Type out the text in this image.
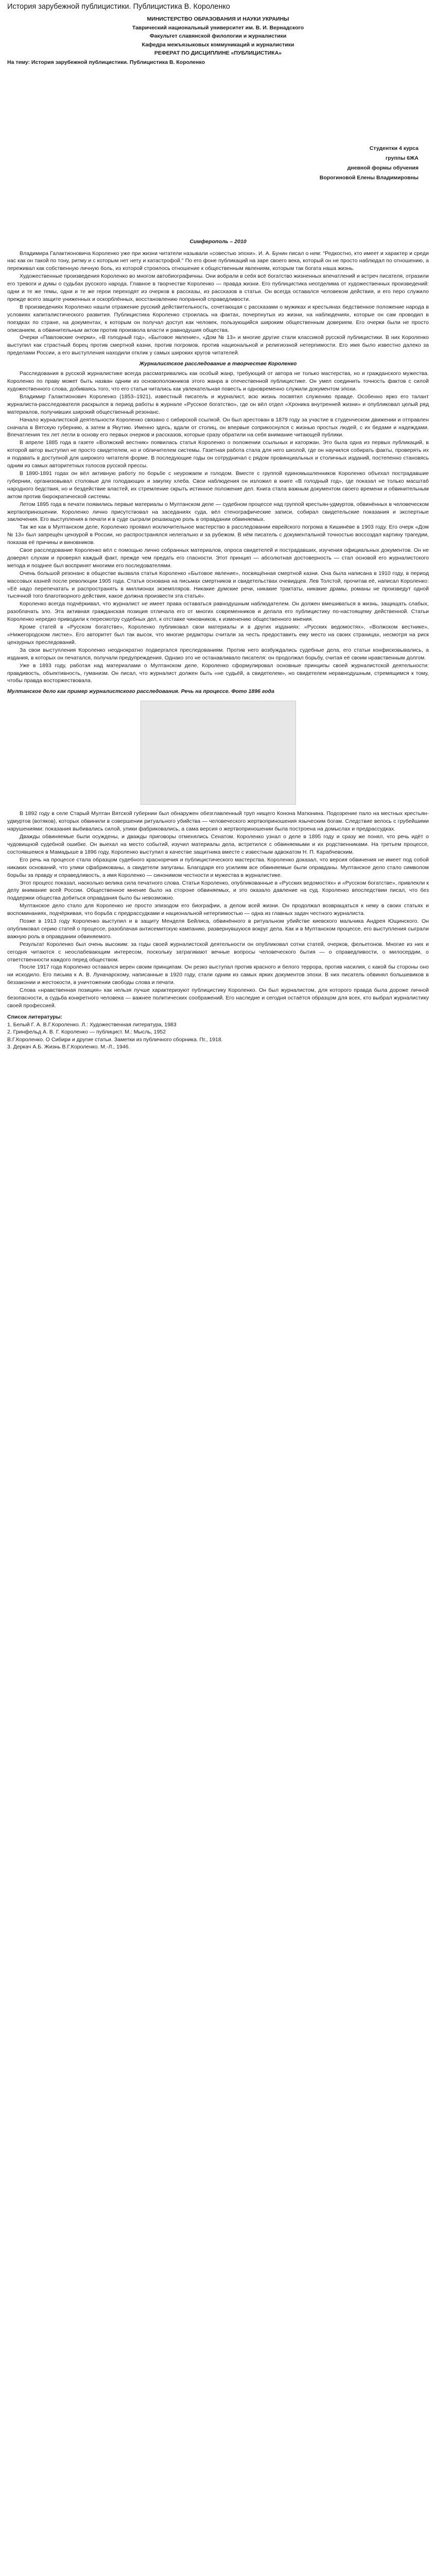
История зарубежной публицистики. Публицистика В. Короленко
МИНИСТЕРСТВО ОБРАЗОВАНИЯ И НАУКИ УКРАИНЫ
Таврический национальный университет им. В. И. Вернадского
Факультет славянской филологии и журналистики
Кафедра межъязыковых коммуникаций и журналистики
РЕФЕРАТ ПО ДИСЦИПЛИНЕ «ПУБЛИЦИСТИКА»
На тему: История зарубежной публицистики. Публицистика В. Короленко
Студентки 4 курса
группы 6ЖА
дневной формы обучения
Ворогиновой Елены Владимировны
Симферополь – 2010

Владимира Галактионовича Короленко уже при жизни читатели называли «совестью эпохи». И. А. Бунин писал о нем: "Редкостно, кто имеет и характер и среди нас как он такой по тону, ритму и с которым нет нету и катастрофой." По его фоне публикаций на заре своего века, который он не просто наблюдал по отношению, а переживал как собственную личную боль, из которой строилось отношение к общественным явлениям, которым так богата наша жизнь.

Художественные произведения Короленко во многом автобиографичны. Они вобрали в себя всё богатство жизненных впечатлений и встреч писателя, отразили его тревоги и думы о судьбах русского народа. Главное в творчестве Короленко — правда жизни. Его публицистика неотделима от художественных произведений: одни и те же темы, одни и те же герои переходят из очерков в рассказы, из рассказов в статьи. Он всегда оставался человеком действия, и его перо служило прежде всего защите униженных и оскорблённых, восстановлению попранной справедливости.

В произведениях Короленко нашли отражение русский действительность, сочетающая с рассказами о мужиках и крестьянах бедственное положение народа в условиях капиталистического развития. Публицистика Короленко строилась на фактах, почерпнутых из жизни, на наблюдениях, которые он сам проводил в поездках по стране, на документах, к которым он получал доступ как человек, пользующийся широким общественным доверием. Его очерки были не просто описанием, а обвинительным актом против произвола власти и равнодушия общества.

Очерки «Павловские очерки», «В голодный год», «Бытовое явление», «Дом № 13» и многие другие стали классикой русской публицистики. В них Короленко выступил как страстный борец против смертной казни, против погромов, против национальной и религиозной нетерпимости. Его имя было известно далеко за пределами России, а его выступления находили отклик у самых широких кругов читателей.

Журналистское расследование в творчестве Короленко

Расследования в русской журналистике всегда рассматривались как особый жанр, требующий от автора не только мастерства, но и гражданского мужества. Короленко по праву может быть назван одним из основоположников этого жанра в отечественной публицистике. Он умел соединить точность фактов с силой художественного слова, добиваясь того, что его статьи читались как увлекательная повесть и одновременно служили документом эпохи.

Владимир Галактионович Короленко (1853–1921), известный писатель и журналист, всю жизнь посвятил служению правде. Особенно ярко его талант журналиста-расследователя раскрылся в период работы в журнале «Русское богатство», где он вёл отдел «Хроника внутренней жизни» и опубликовал целый ряд материалов, получивших широкий общественный резонанс.

Начало журналистской деятельности Короленко связано с сибирской ссылкой. Он был арестован в 1879 году за участие в студенческом движении и отправлен сначала в Вятскую губернию, а затем в Якутию. Именно здесь, вдали от столиц, он впервые соприкоснулся с жизнью простых людей, с их бедами и надеждами. Впечатления тех лет легли в основу его первых очерков и рассказов, которые сразу обратили на себя внимание читающей публики.

В апреле 1885 года в газете «Волжский вестник» появилась статья Короленко о положении ссыльных и каторжан. Это была одна из первых публикаций, в которой автор выступил не просто свидетелем, но и обличителем системы. Газетная работа стала для него школой, где он научился собирать факты, проверять их и подавать в доступной для широкого читателя форме. В последующие годы он сотрудничал с рядом провинциальных и столичных изданий, постепенно становясь одним из самых авторитетных голосов русской прессы.

В 1890-1891 годах он вёл активную работу по борьбе с неурожаем и голодом. Вместе с группой единомышленников Короленко объехал пострадавшие губернии, организовывал столовые для голодающих и закупку хлеба. Свои наблюдения он изложил в книге «В голодный год», где показал не только масштаб народного бедствия, но и бездействие властей, их стремление скрыть истинное положение дел. Книга стала важным документом своего времени и обвинительным актом против бюрократической системы.

Летом 1895 года в печати появились первые материалы о Мултанском деле — судебном процессе над группой крестьян-удмуртов, обвинённых в человеческом жертвоприношении. Короленко лично присутствовал на заседаниях суда, вёл стенографические записи, собирал свидетельские показания и экспертные заключения. Его выступления в печати и в суде сыграли решающую роль в оправдании обвиняемых.

Так же как в Мултанском деле, Короленко проявил исключительное мастерство в расследовании еврейского погрома в Кишинёве в 1903 году. Его очерк «Дом № 13» был запрещён цензурой в России, но распространялся нелегально и за рубежом. В нём писатель с документальной точностью воссоздал картину трагедии, показав её причины и виновников.

Свое расследование Короленко вёл с помощью лично собранных материалов, опроса свидетелей и пострадавших, изучения официальных документов. Он не доверял слухам и проверял каждый факт, прежде чем предать его гласности. Этот принцип — абсолютная достоверность — стал основой его журналистского метода и позднее был воспринят многими его последователями.

Очень большой резонанс в обществе вызвала статья Короленко «Бытовое явление», посвящённая смертной казни. Она была написана в 1910 году, в период массовых казней после революции 1905 года. Статья основана на письмах смертников и свидетельствах очевидцев. Лев Толстой, прочитав её, написал Короленко: «Её надо перепечатать и распространять в миллионах экземпляров. Никакие думские речи, никакие трактаты, никакие драмы, романы не произведут одной тысячной того благотворного действия, какое должна произвести эта статья».

Короленко всегда подчёркивал, что журналист не имеет права оставаться равнодушным наблюдателем. Он должен вмешиваться в жизнь, защищать слабых, разоблачать зло. Эта активная гражданская позиция отличала его от многих современников и делала его публицистику по-настоящему действенной. Статьи Короленко нередко приводили к пересмотру судебных дел, к отставке чиновников, к изменению общественного мнения.

Кроме статей в «Русском богатстве», Короленко публиковал свои материалы и в других изданиях: «Русских ведомостях», «Волжском вестнике», «Нижегородском листке». Его авторитет был так высок, что многие редакторы считали за честь предоставить ему место на своих страницах, несмотря на риск цензурных преследований.

За свои выступления Короленко неоднократно подвергался преследованиям. Против него возбуждались судебные дела, его статьи конфисковывались, а издания, в которых он печатался, получали предупреждения. Однако это не останавливало писателя: он продолжал борьбу, считая её своим нравственным долгом.

Уже в 1893 году, работая над материалами о Мултанском деле, Короленко сформулировал основные принципы своей журналистской деятельности: правдивость, объективность, гуманизм. Он писал, что журналист должен быть «не судьёй, а свидетелем», но свидетелем неравнодушным, стремящимся к тому, чтобы правда восторжествовала.

Мултанское дело как пример журналистского расследования. Речь на процессе. Фото 1896 года

В 1892 году в селе Старый Мултан Вятской губернии был обнаружен обезглавленный труп нищего Конона Матюнина. Подозрение пало на местных крестьян-удмуртов (вотяков), которых обвинили в совершении ритуального убийства — человеческого жертвоприношения языческим богам. Следствие велось с грубейшими нарушениями: показания выбивались силой, улики фабриковались, а сама версия о жертвоприношении была построена на домыслах и предрассудках.

Дважды обвиняемые были осуждены, и дважды приговоры отменялись Сенатом. Короленко узнал о деле в 1895 году и сразу же понял, что речь идёт о чудовищной судебной ошибке. Он выехал на место событий, изучил материалы дела, встретился с обвиняемыми и их родственниками. На третьем процессе, состоявшемся в Мамадыше в 1896 году, Короленко выступил в качестве защитника вместе с известным адвокатом Н. П. Карабчевским.

Его речь на процессе стала образцом судебного красноречия и публицистического мастерства. Короленко доказал, что версия обвинения не имеет под собой никаких оснований, что улики сфабрикованы, а свидетели запуганы. Благодаря его усилиям все обвиняемые были оправданы. Мултанское дело стало символом борьбы за правду и справедливость, а имя Короленко — синонимом честности и мужества в журналистике.

Этот процесс показал, насколько велика сила печатного слова. Статьи Короленко, опубликованные в «Русских ведомостях» и «Русском богатстве», привлекли к делу внимание всей России. Общественное мнение было на стороне обвиняемых, и это оказало давление на суд. Короленко впоследствии писал, что без поддержки общества добиться оправдания было бы невозможно.

Мултанское дело стало для Короленко не просто эпизодом его биографии, а делом всей жизни. Он продолжал возвращаться к нему в своих статьях и воспоминаниях, подчёркивая, что борьба с предрассудками и национальной нетерпимостью — одна из главных задач честного журналиста.

Позже в 1913 году Короленко выступил и в защиту Менделя Бейлиса, обвинённого в ритуальном убийстве киевского мальчика Андрея Ющинского. Он опубликовал серию статей о процессе, разоблачая антисемитскую кампанию, развернувшуюся вокруг дела. Как и в Мултанском процессе, его выступления сыграли важную роль в оправдании обвиняемого.

Результат Короленко был очень высоким: за годы своей журналистской деятельности он опубликовал сотни статей, очерков, фельетонов. Многие из них и сегодня читаются с неослабевающим интересом, поскольку затрагивают вечные вопросы человеческого бытия — о справедливости, о милосердии, о ответственности каждого перед обществом.

После 1917 года Короленко оставался верен своим принципам. Он резко выступал против красного и белого террора, против насилия, с какой бы стороны оно ни исходило. Его письма к А. В. Луначарскому, написанные в 1920 году, стали одним из самых ярких документов эпохи. В них писатель обвинял большевиков в беззаконии и жестокости, в уничтожении свободы слова и печати.

Слова «нравственная позиция» как нельзя лучше характеризуют публицистику Короленко. Он был журналистом, для которого правда была дороже личной безопасности, а судьба конкретного человека — важнее политических соображений. Его наследие и сегодня остаётся образцом для всех, кто выбрал журналистику своей профессией.

Список литературы:

1. Белый Г. А. В.Г.Короленко. Л.: Художественная литература, 1983

2. Гринфельд А. В. Г. Короленко — публицист. М.: Мысль, 1952

В.Г.Короленко. О Сибири и другие статьи. Заметки из публичного сборника. Пг., 1918.

3. Деркач А.Б. Жизнь В.Г.Короленко. М.-Л., 1946.
